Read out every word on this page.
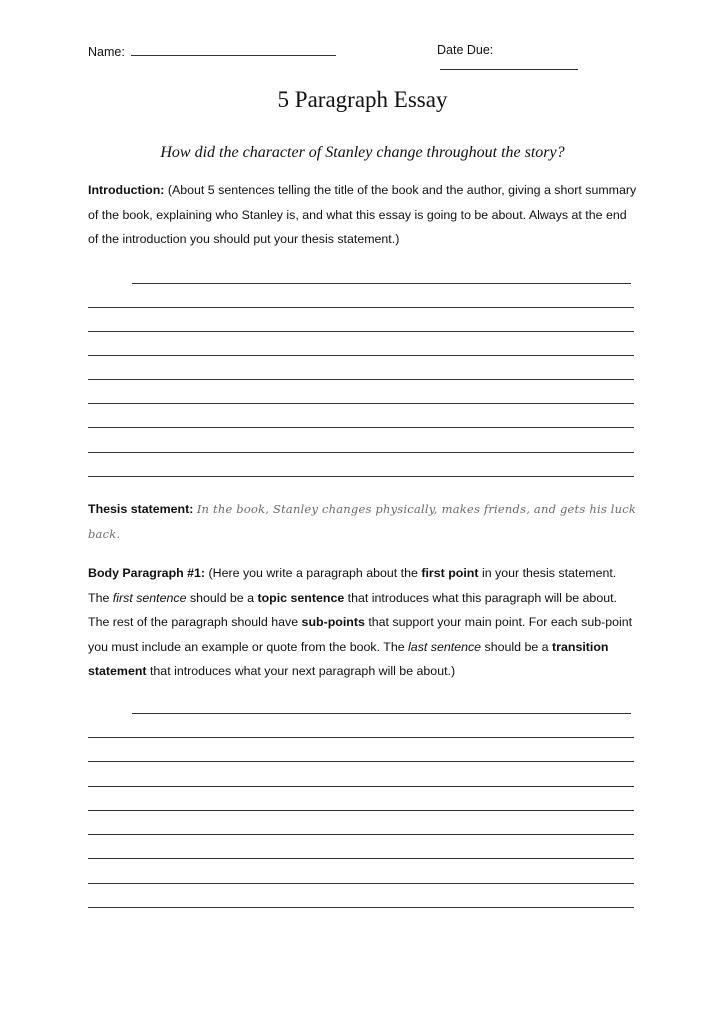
Name:	Date Due:
5 Paragraph Essay

How did the character of Stanley change throughout the story?

Introduction: (About 5 sentences telling the title of the book and the author, giving a short summary of the book, explaining who Stanley is, and what this essay is going to be about. Always at the end of the introduction you should put your thesis statement.)

Thesis statement: In the book, Stanley changes physically, makes friends, and gets his luck back.

Body Paragraph #1: (Here you write a paragraph about the first point in your thesis statement. The first sentence should be a topic sentence that introduces what this paragraph will be about. The rest of the paragraph should have sub-points that support your main point. For each sub-point you must include an example or quote from the book. The last sentence should be a transition statement that introduces what your next paragraph will be about.)
